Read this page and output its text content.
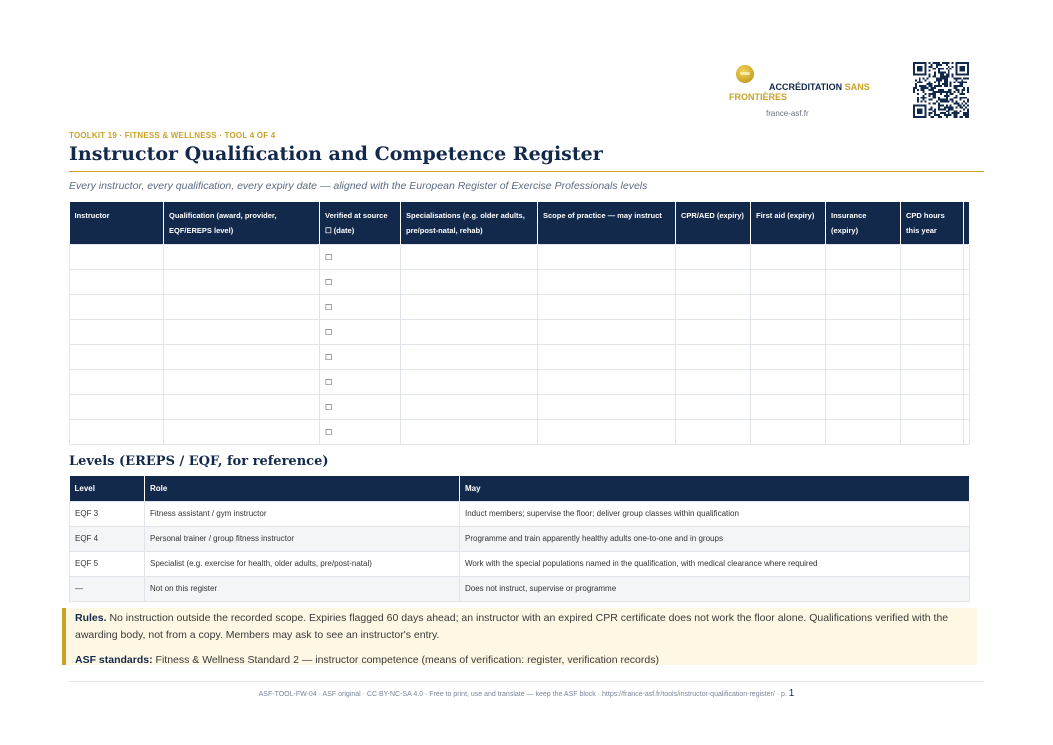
ACCRÉDITATION SANS FRONTIÈRES
france-asf.fr
TOOLKIT 19 · FITNESS & WELLNESS · TOOL 4 OF 4
Instructor Qualification and Competence Register
Every instructor, every qualification, every expiry date — aligned with the European Register of Exercise Professionals levels
Instructor	Qualification (award, provider, EQF/EREPS level)	Verified at source ☐ (date)	Specialisations (e.g. older adults, pre/post-natal, rehab)	Scope of practice — may instruct	CPR/AED (expiry)	First aid (expiry)	Insurance (expiry)	CPD hours this year	
		☐							
		☐							
		☐							
		☐							
		☐							
		☐							
		☐							
		☐							
Levels (EREPS / EQF, for reference)
Level	Role	May
EQF 3	Fitness assistant / gym instructor	Induct members; supervise the floor; deliver group classes within qualification
EQF 4	Personal trainer / group fitness instructor	Programme and train apparently healthy adults one-to-one and in groups
EQF 5	Specialist (e.g. exercise for health, older adults, pre/post-natal)	Work with the special populations named in the qualification, with medical clearance where required
—	Not on this register	Does not instruct, supervise or programme

Rules. No instruction outside the recorded scope. Expiries flagged 60 days ahead; an instructor with an expired CPR certificate does not work the floor alone. Qualifications verified with the awarding body, not from a copy. Members may ask to see an instructor's entry.

ASF standards: Fitness & Wellness Standard 2 — instructor competence (means of verification: register, verification records)

ASF-TOOL-FW-04 · ASF original · CC BY-NC-SA 4.0 · Free to print, use and translate — keep the ASF block · https://france-asf.fr/tools/instructor-qualification-register/ · p. 1
